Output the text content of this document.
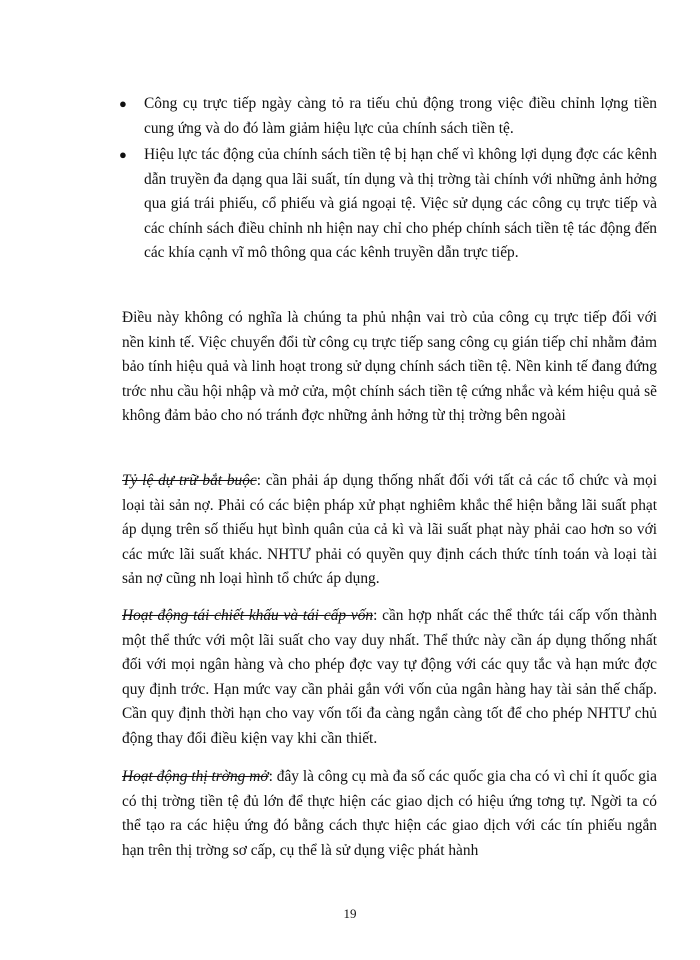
● Công cụ trực tiếp ngày càng tỏ ra tiếu chủ động trong việc điều chỉnh lợng tiền cung ứng và do đó làm giảm hiệu lực của chính sách tiền tệ.
● Hiệu lực tác động của chính sách tiền tệ bị hạn chế vì không lợi dụng đợc các kênh dẫn truyền đa dạng qua lãi suất, tín dụng và thị trờng tài chính với những ảnh hởng qua giá trái phiếu, cổ phiếu và giá ngoại tệ. Việc sử dụng các công cụ trực tiếp và các chính sách điều chỉnh nh hiện nay chỉ cho phép chính sách tiền tệ tác động đến các khía cạnh vĩ mô thông qua các kênh truyền dẫn trực tiếp.

Điều này không có nghĩa là chúng ta phủ nhận vai trò của công cụ trực tiếp đối với nền kinh tế. Việc chuyển đổi từ công cụ trực tiếp sang công cụ gián tiếp chỉ nhằm đảm bảo tính hiệu quả và linh hoạt trong sử dụng chính sách tiền tệ. Nền kinh tế đang đứng trớc nhu cầu hội nhập và mở cửa, một chính sách tiền tệ cứng nhắc và kém hiệu quả sẽ không đảm bảo cho nó tránh đợc những ảnh hởng từ thị trờng bên ngoài

Tỷ lệ dự trữ bắt buộc: cần phải áp dụng thống nhất đối với tất cả các tổ chức và mọi loại tài sản nợ. Phải có các biện pháp xử phạt nghiêm khắc thể hiện bằng lãi suất phạt áp dụng trên số thiếu hụt bình quân của cả kì và lãi suất phạt này phải cao hơn so với các mức lãi suất khác. NHTƯ phải có quyền quy định cách thức tính toán và loại tài sản nợ cũng nh loại hình tổ chức áp dụng.

Hoạt động tái chiết khấu và tái cấp vốn: cần hợp nhất các thể thức tái cấp vốn thành một thể thức với một lãi suất cho vay duy nhất. Thể thức này cần áp dụng thống nhất đối với mọi ngân hàng và cho phép đợc vay tự động với các quy tắc và hạn mức đợc quy định trớc. Hạn mức vay cần phải gắn với vốn của ngân hàng hay tài sản thế chấp. Cần quy định thời hạn cho vay vốn tối đa càng ngắn càng tốt để cho phép NHTƯ chủ động thay đổi điều kiện vay khi cần thiết.

Hoạt động thị trờng mở: đây là công cụ mà đa số các quốc gia cha có vì chỉ ít quốc gia có thị trờng tiền tệ đủ lớn để thực hiện các giao dịch có hiệu ứng tơng tự. Ngời ta có thể tạo ra các hiệu ứng đó bằng cách thực hiện các giao dịch với các tín phiếu ngắn hạn trên thị trờng sơ cấp, cụ thể là sử dụng việc phát hành

19
